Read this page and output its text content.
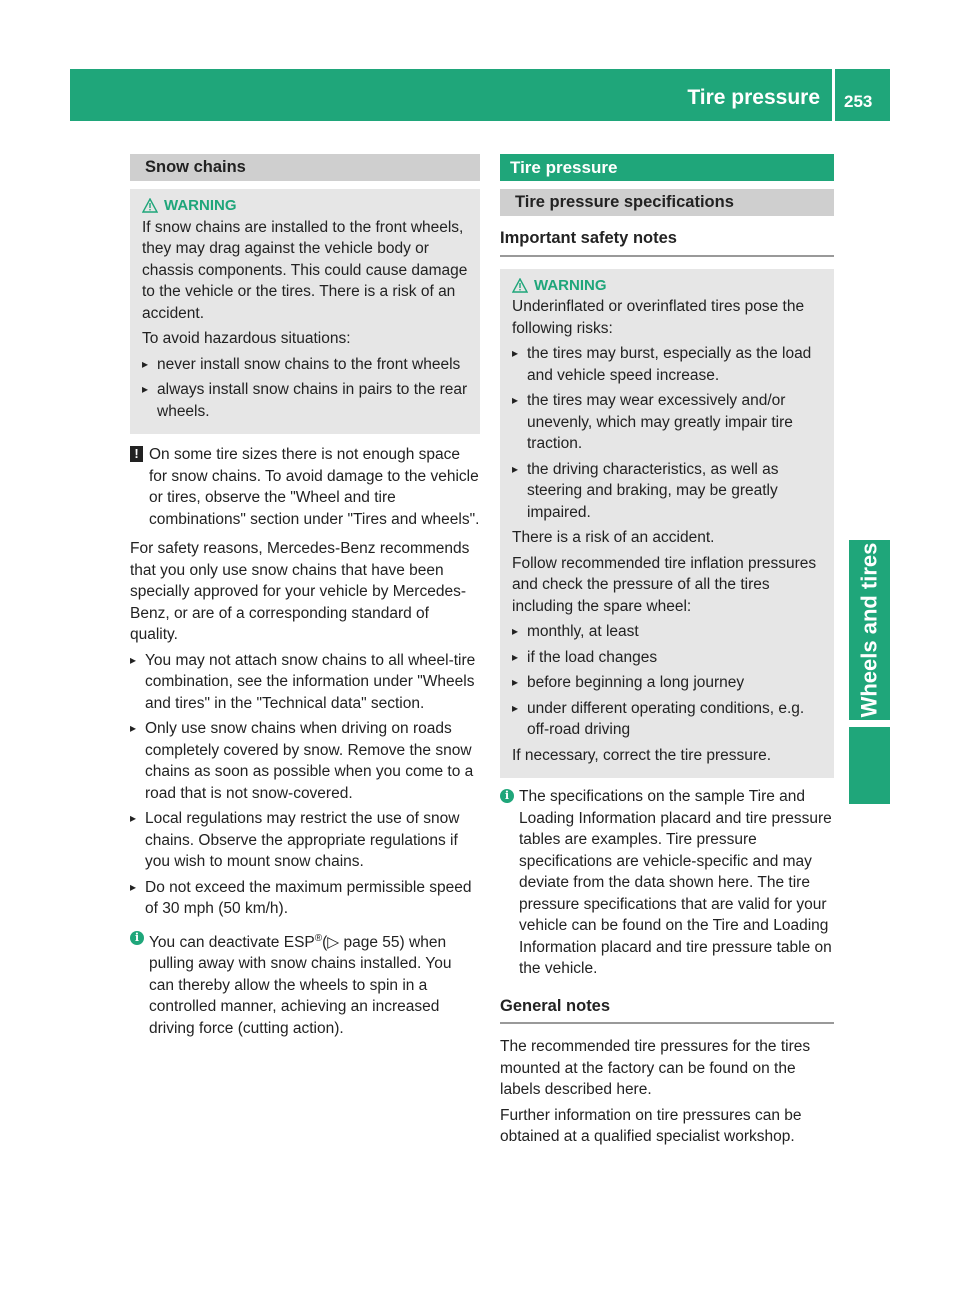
Tire pressure 253
Wheels and tires
Snow chains
WARNING

If snow chains are installed to the front wheels, they may drag against the vehicle body or chassis components. This could cause damage to the vehicle or the tires. There is a risk of an accident.

To avoid hazardous situations:

▸ never install snow chains to the front wheels
▸ always install snow chains in pairs to the rear wheels.
! On some tire sizes there is not enough space for snow chains. To avoid damage to the vehicle or tires, observe the "Wheel and tire combinations" section under "Tires and wheels".

For safety reasons, Mercedes-Benz recommends that you only use snow chains that have been specially approved for your vehicle by Mercedes-Benz, or are of a corresponding standard of quality.

▸ You may not attach snow chains to all wheel-tire combination, see the information under "Wheels and tires" in the "Technical data" section.
▸ Only use snow chains when driving on roads completely covered by snow. Remove the snow chains as soon as possible when you come to a road that is not snow-covered.
▸ Local regulations may restrict the use of snow chains. Observe the appropriate regulations if you wish to mount snow chains.
▸ Do not exceed the maximum permissible speed of 30 mph (50 km/h).
i You can deactivate ESP®(▷ page 55) when pulling away with snow chains installed. You can thereby allow the wheels to spin in a controlled manner, achieving an increased driving force (cutting action).
Tire pressure
Tire pressure specifications
Important safety notes
WARNING

Underinflated or overinflated tires pose the following risks:

▸ the tires may burst, especially as the load and vehicle speed increase.
▸ the tires may wear excessively and/or unevenly, which may greatly impair tire traction.
▸ the driving characteristics, as well as steering and braking, may be greatly impaired.

There is a risk of an accident.

Follow recommended tire inflation pressures and check the pressure of all the tires including the spare wheel:

▸ monthly, at least
▸ if the load changes
▸ before beginning a long journey
▸ under different operating conditions, e.g. off-road driving

If necessary, correct the tire pressure.

i The specifications on the sample Tire and Loading Information placard and tire pressure tables are examples. Tire pressure specifications are vehicle-specific and may deviate from the data shown here. The tire pressure specifications that are valid for your vehicle can be found on the Tire and Loading Information placard and tire pressure table on the vehicle.
General notes

The recommended tire pressures for the tires mounted at the factory can be found on the labels described here.

Further information on tire pressures can be obtained at a qualified specialist workshop.
